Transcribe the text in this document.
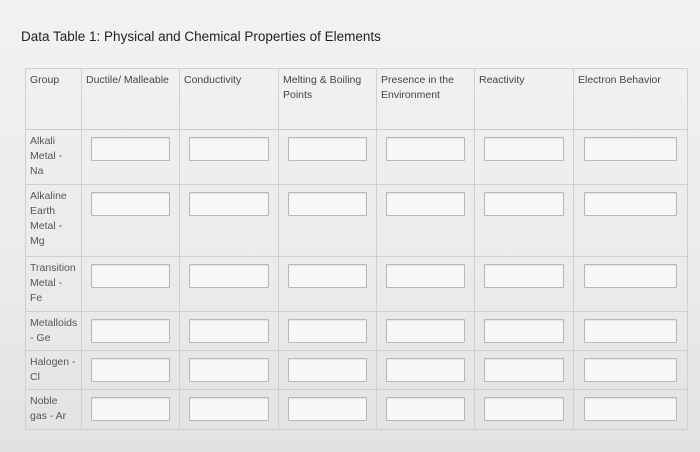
Data Table 1: Physical and Chemical Properties of Elements
Group	Ductile/ Malleable	Conductivity	Melting & Boiling Points	Presence in the Environment	Reactivity	Electron Behavior
Alkali Metal - Na	

Alkaline Earth Metal - Mg	

Transition Metal - Fe	

Metalloids - Ge	

Halogen - Cl	

Noble gas - Ar	
